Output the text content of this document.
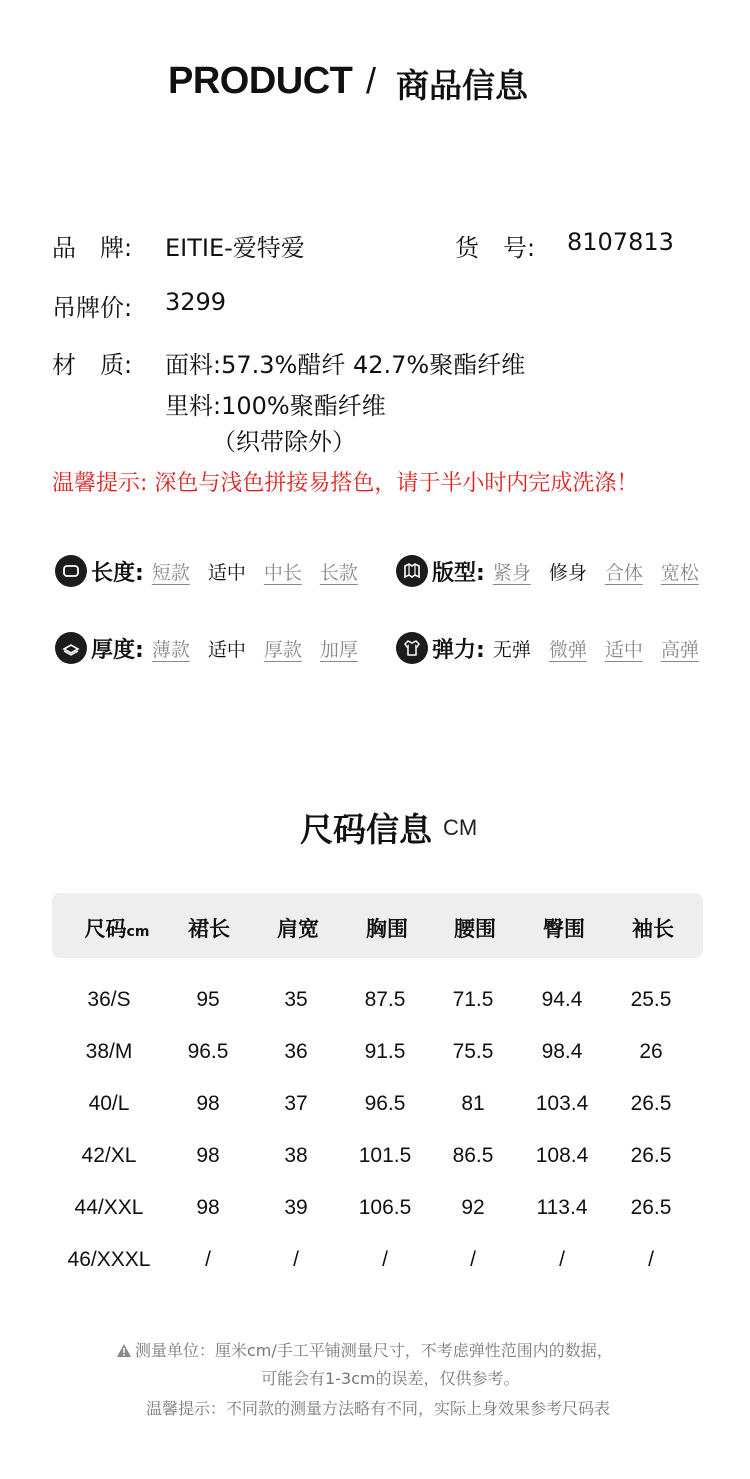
PRODUCT / 商品信息
品　牌: EITIE-爱特爱	货　号: 8107813
吊牌价: 3299
材　质: 面料:57.3%醋纤 42.7%聚酯纤维
里料:100%聚酯纤维
（织带除外）
温馨提示: 深色与浅色拼接易搭色，请于半小时内完成洗涤！
长度: 短款 适中 中长 长款	版型: 紧身 修身 合体 宽松
厚度: 薄款 适中 厚款 加厚	弹力: 无弹 微弹 适中 高弹
尺码信息 CM
尺码cm	裙长	肩宽	胸围	腰围	臀围	袖长
36/S	95	35	87.5	71.5	94.4	25.5
38/M	96.5	36	91.5	75.5	98.4	26
40/L	98	37	96.5	81	103.4	26.5
42/XL	98	38	101.5	86.5	108.4	26.5
44/XXL	98	39	106.5	92	113.4	26.5
46/XXXL	/	/	/	/	/	/
测量单位：厘米cm/手工平铺测量尺寸，不考虑弹性范围内的数据，
可能会有1-3cm的误差，仅供参考。
温馨提示：不同款的测量方法略有不同，实际上身效果参考尺码表
